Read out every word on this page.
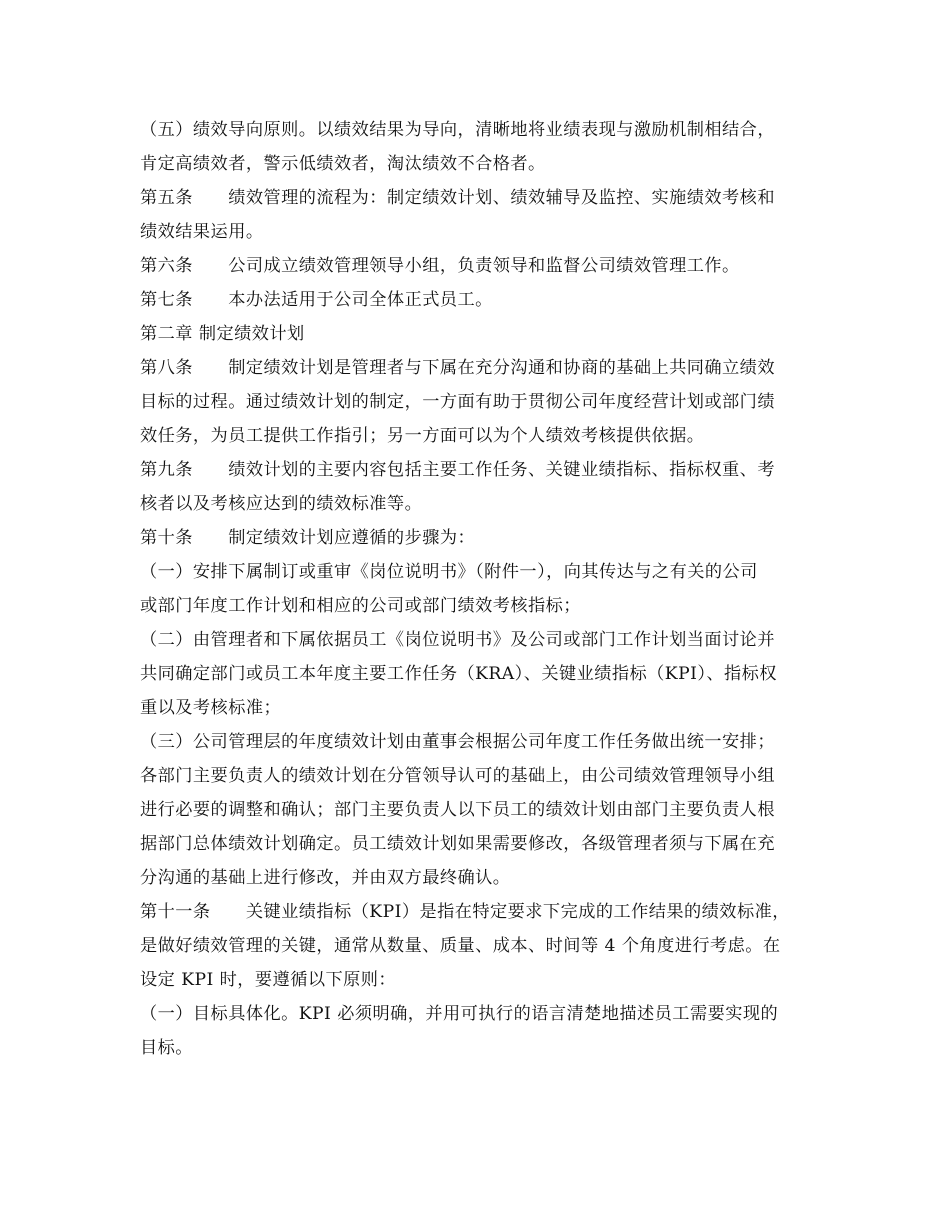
（五）绩效导向原则。以绩效结果为导向，清晰地将业绩表现与激励机制相结合，
肯定高绩效者，警示低绩效者，淘汰绩效不合格者。
第五条　　绩效管理的流程为：制定绩效计划、绩效辅导及监控、实施绩效考核和
绩效结果运用。
第六条　　公司成立绩效管理领导小组，负责领导和监督公司绩效管理工作。
第七条　　本办法适用于公司全体正式员工。
第二章 制定绩效计划
第八条　　制定绩效计划是管理者与下属在充分沟通和协商的基础上共同确立绩效
目标的过程。通过绩效计划的制定，一方面有助于贯彻公司年度经营计划或部门绩
效任务，为员工提供工作指引；另一方面可以为个人绩效考核提供依据。
第九条　　绩效计划的主要内容包括主要工作任务、关键业绩指标、指标权重、考
核者以及考核应达到的绩效标准等。
第十条　　制定绩效计划应遵循的步骤为：
（一）安排下属制订或重审《岗位说明书》（附件一），向其传达与之有关的公司
或部门年度工作计划和相应的公司或部门绩效考核指标；
（二）由管理者和下属依据员工《岗位说明书》及公司或部门工作计划当面讨论并
共同确定部门或员工本年度主要工作任务（KRA）、关键业绩指标（KPI）、指标权
重以及考核标准；
（三）公司管理层的年度绩效计划由董事会根据公司年度工作任务做出统一安排；
各部门主要负责人的绩效计划在分管领导认可的基础上，由公司绩效管理领导小组
进行必要的调整和确认；部门主要负责人以下员工的绩效计划由部门主要负责人根
据部门总体绩效计划确定。员工绩效计划如果需要修改，各级管理者须与下属在充
分沟通的基础上进行修改，并由双方最终确认。
第十一条　　关键业绩指标（KPI）是指在特定要求下完成的工作结果的绩效标准，
是做好绩效管理的关键，通常从数量、质量、成本、时间等 4 个角度进行考虑。在
设定 KPI 时，要遵循以下原则：
（一）目标具体化。KPI 必须明确，并用可执行的语言清楚地描述员工需要实现的
目标。
